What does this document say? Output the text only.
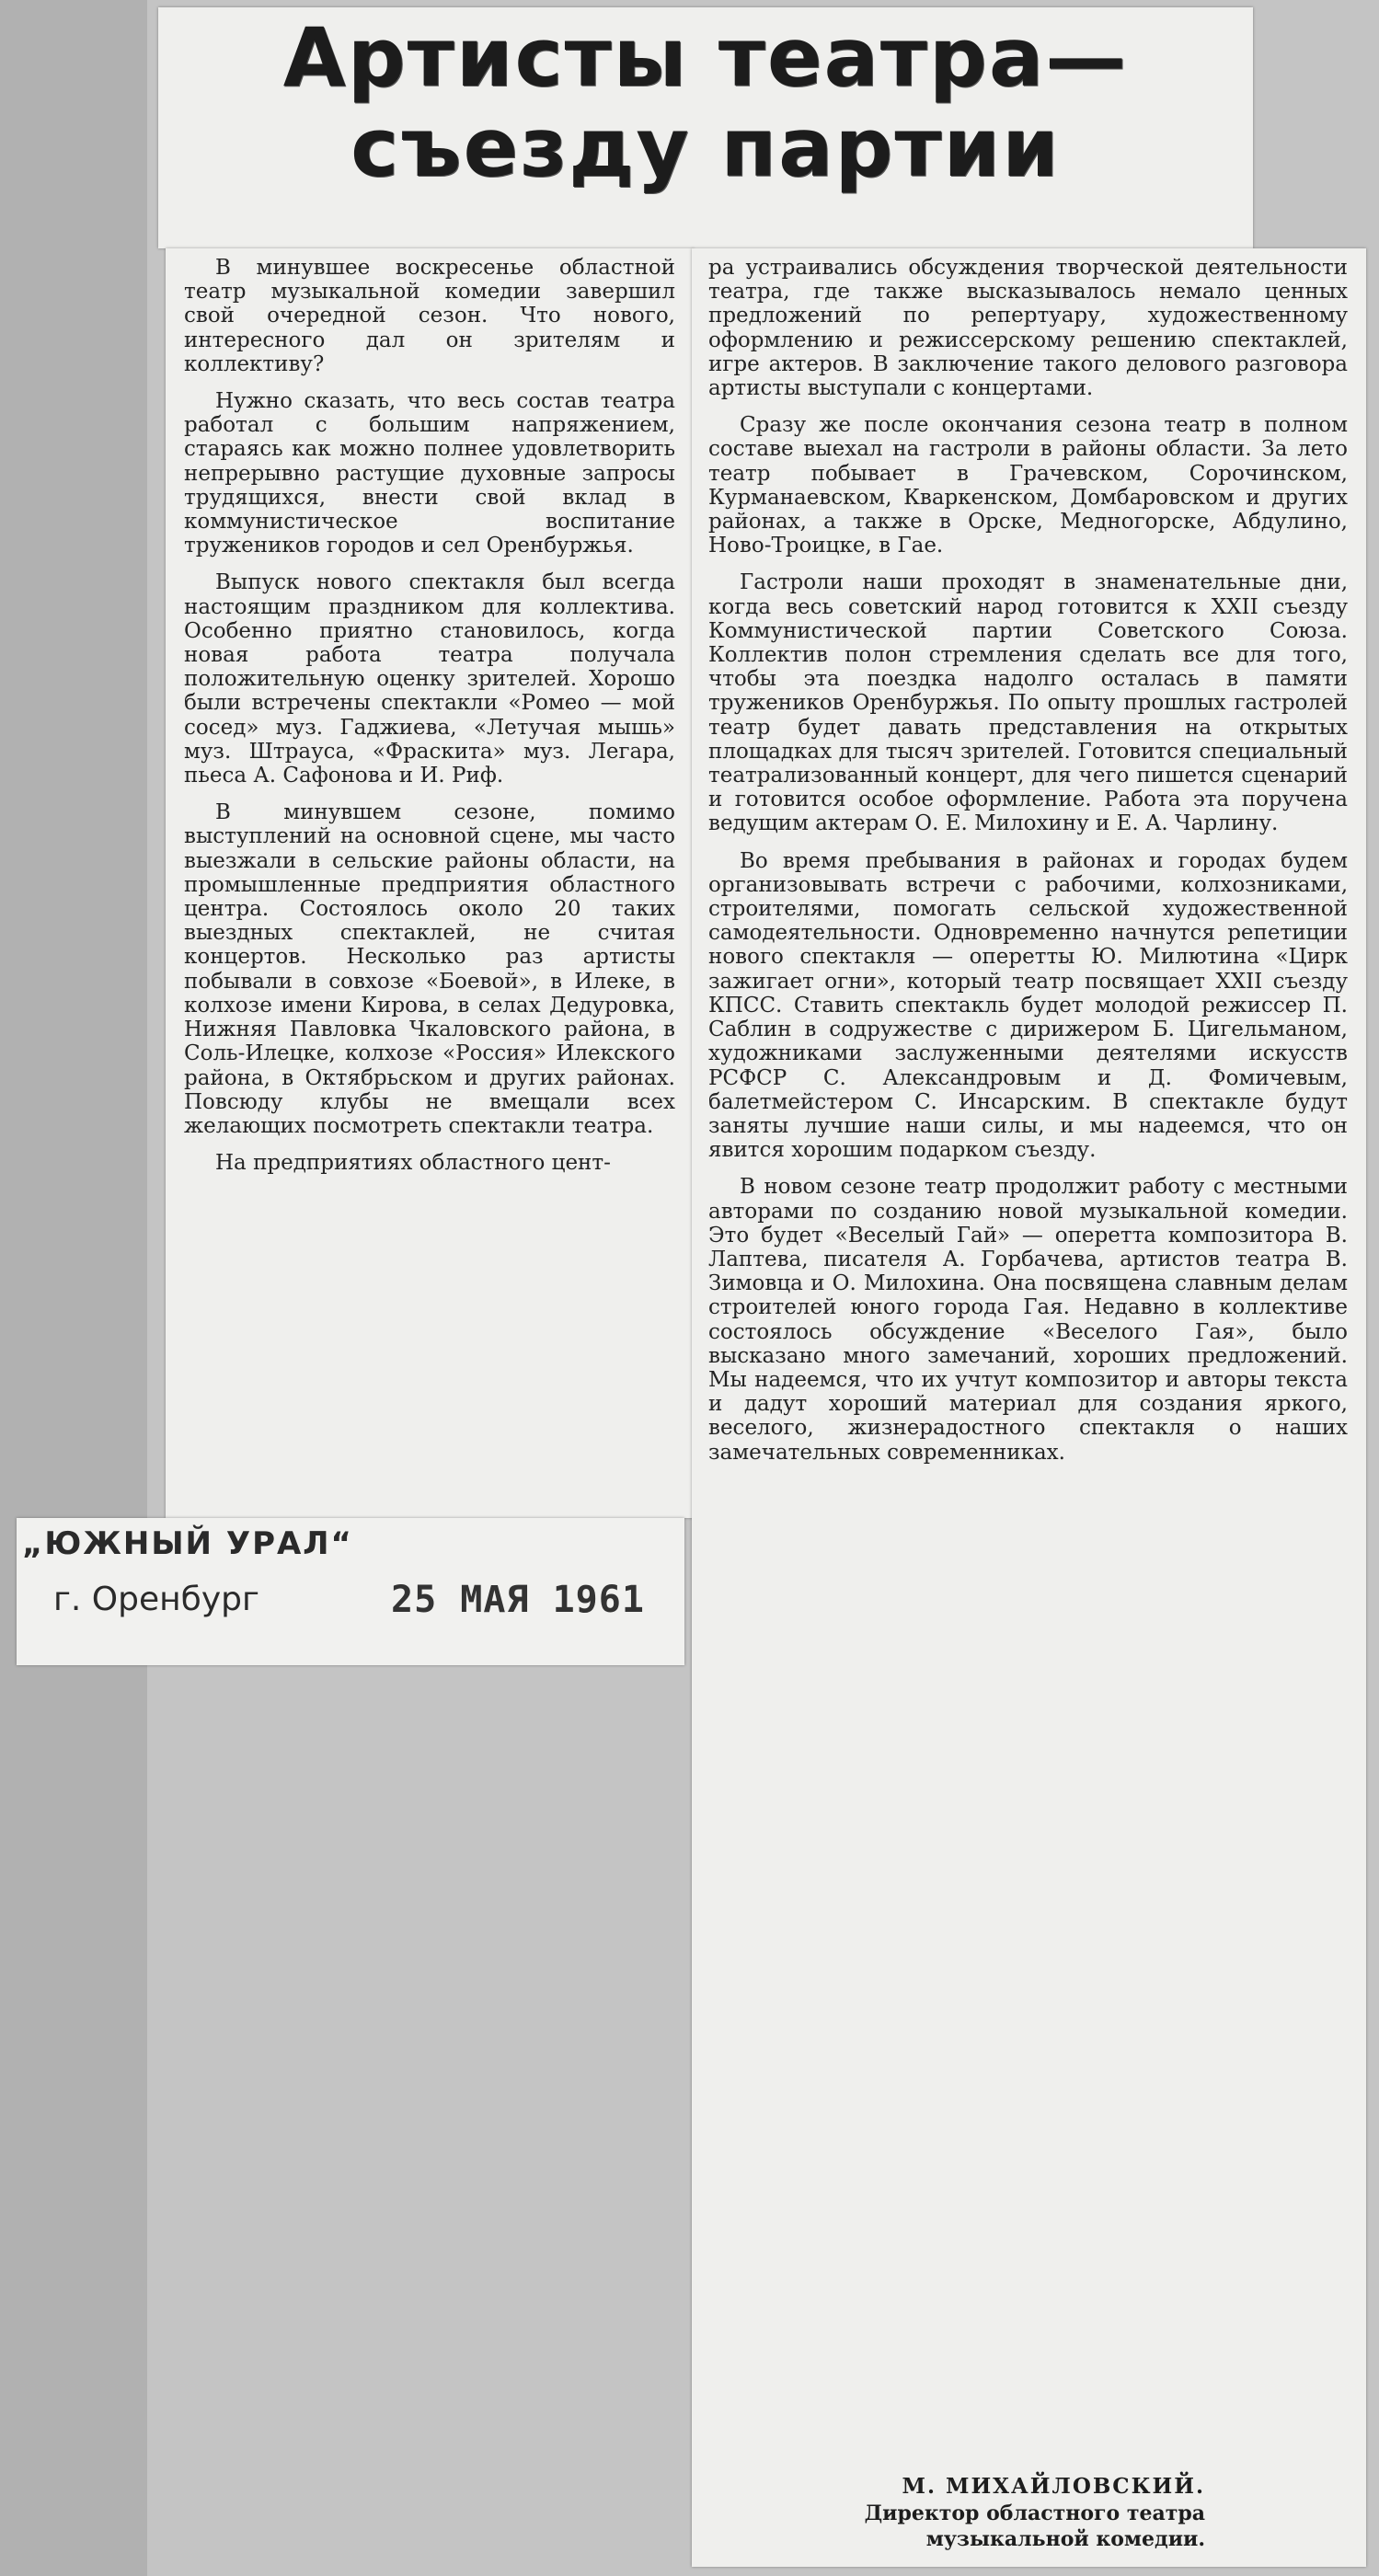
Артисты театра—
съезду партии

В минувшее воскресенье областной театр музыкальной комедии завершил свой очередной сезон. Что нового, интересного дал он зрителям и коллективу?

Нужно сказать, что весь состав театра работал с большим напряжением, стараясь как можно полнее удовлетворить непрерывно растущие духовные запросы трудящихся, внести свой вклад в коммунистическое воспитание тружеников городов и сел Оренбуржья.

Выпуск нового спектакля был всегда настоящим праздником для коллектива. Особенно приятно становилось, когда новая работа театра получала положительную оценку зрителей. Хорошо были встречены спектакли «Ромео — мой сосед» муз. Гаджиева, «Летучая мышь» муз. Штрауса, «Фраскита» муз. Легара, пьеса А. Сафонова и И. Риф.

В минувшем сезоне, помимо выступлений на основной сцене, мы часто выезжали в сельские районы области, на промышленные предприятия областного центра. Состоялось около 20 таких выездных спектаклей, не считая концертов. Несколько раз артисты побывали в совхозе «Боевой», в Илеке, в колхозе имени Кирова, в селах Дедуровка, Нижняя Павловка Чкаловского района, в Соль-Илецке, колхозе «Россия» Илекского района, в Октябрьском и других районах. Повсюду клубы не вмещали всех желающих посмотреть спектакли театра.

На предприятиях областного цент-

ра устраивались обсуждения творческой деятельности театра, где также высказывалось немало ценных предложений по репертуару, художественному оформлению и режиссерскому решению спектаклей, игре актеров. В заключение такого делового разговора артисты выступали с концертами.

Сразу же после окончания сезона театр в полном составе выехал на гастроли в районы области. За лето театр побывает в Грачевском, Сорочинском, Курманаевском, Кваркенском, Домбаровском и других районах, а также в Орске, Медногорске, Абдулино, Ново-Троицке, в Гае.

Гастроли наши проходят в знаменательные дни, когда весь советский народ готовится к XXII съезду Коммунистической партии Советского Союза. Коллектив полон стремления сделать все для того, чтобы эта поездка надолго осталась в памяти тружеников Оренбуржья. По опыту прошлых гастролей театр будет давать представления на открытых площадках для тысяч зрителей. Готовится специальный театрализованный концерт, для чего пишется сценарий и готовится особое оформление. Работа эта поручена ведущим актерам О. Е. Милохину и Е. А. Чарлину.

Во время пребывания в районах и городах будем организовывать встречи с рабочими, колхозниками, строителями, помогать сельской художественной самодеятельности. Одновременно начнутся репетиции нового спектакля — оперетты Ю. Милютина «Цирк зажигает огни», который театр посвящает XXII съезду КПСС. Ставить спектакль будет молодой режиссер П. Саблин в содружестве с дирижером Б. Цигельманом, художниками заслуженными деятелями искусств РСФСР С. Александровым и Д. Фомичевым, балетмейстером С. Инсарским. В спектакле будут заняты лучшие наши силы, и мы надеемся, что он явится хорошим подарком съезду.

В новом сезоне театр продолжит работу с местными авторами по созданию новой музыкальной комедии. Это будет «Веселый Гай» — оперетта композитора В. Лаптева, писателя А. Горбачева, артистов театра В. Зимовца и О. Милохина. Она посвящена славным делам строителей юного города Гая. Недавно в коллективе состоялось обсуждение «Веселого Гая», было высказано много замечаний, хороших предложений. Мы надеемся, что их учтут композитор и авторы текста и дадут хороший материал для создания яркого, веселого, жизнерадостного спектакля о наших замечательных современниках.

М. МИХАЙЛОВСКИЙ.
Директор областного театра
музыкальной комедии.
„ЮЖНЫЙ УРАЛ“
г. Оренбург	25 МАЯ 1961
